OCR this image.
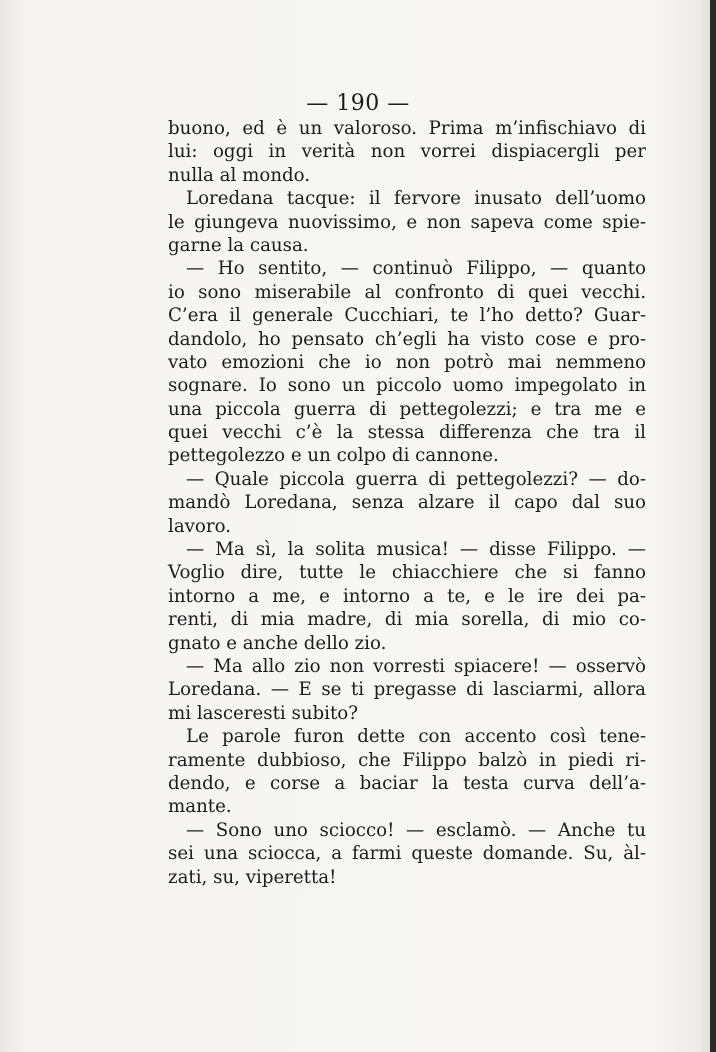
— 190 —
buono, ed è un valoroso. Prima m’infischiavo di
lui: oggi in verità non vorrei dispiacergli per
nulla al mondo.
Loredana tacque: il fervore inusato dell’uomo
le giungeva nuovissimo, e non sapeva come spie-
garne la causa.
— Ho sentito, — continuò Filippo, — quanto
io sono miserabile al confronto di quei vecchi.
C’era il generale Cucchiari, te l’ho detto? Guar-
dandolo, ho pensato ch’egli ha visto cose e pro-
vato emozioni che io non potrò mai nemmeno
sognare. Io sono un piccolo uomo impegolato in
una piccola guerra di pettegolezzi; e tra me e
quei vecchi c’è la stessa differenza che tra il
pettegolezzo e un colpo di cannone.
— Quale piccola guerra di pettegolezzi? — do-
mandò Loredana, senza alzare il capo dal suo
lavoro.
— Ma sì, la solita musica! — disse Filippo. —
Voglio dire, tutte le chiacchiere che si fanno
intorno a me, e intorno a te, e le ire dei pa-
renti, di mia madre, di mia sorella, di mio co-
gnato e anche dello zio.
— Ma allo zio non vorresti spiacere! — osservò
Loredana. — E se ti pregasse di lasciarmi, allora
mi lasceresti subito?
Le parole furon dette con accento così tene-
ramente dubbioso, che Filippo balzò in piedi ri-
dendo, e corse a baciar la testa curva dell’a-
mante.
— Sono uno sciocco! — esclamò. — Anche tu
sei una sciocca, a farmi queste domande. Su, àl-
zati, su, viperetta!
